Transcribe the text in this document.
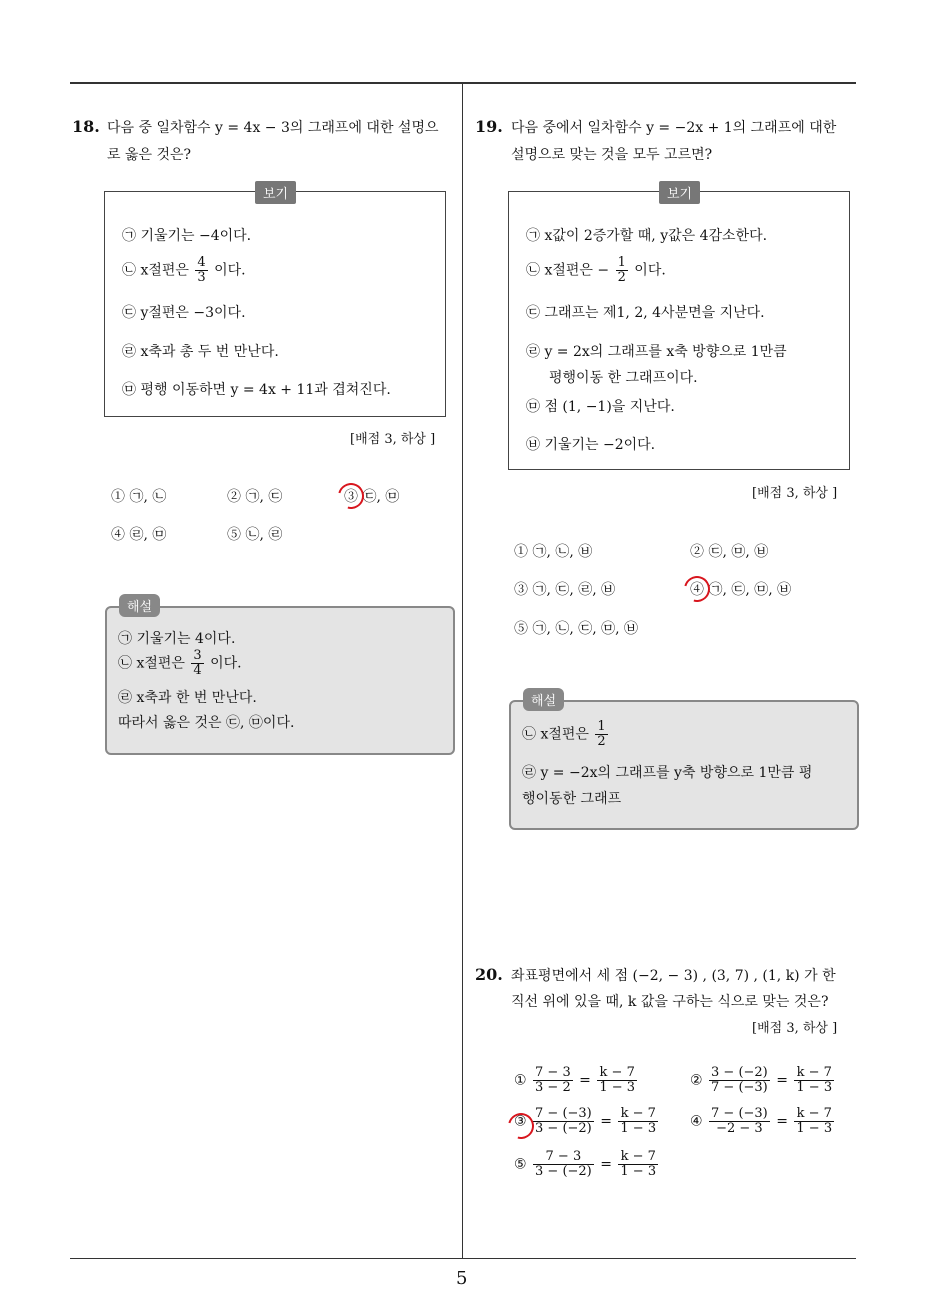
5
18. 다음 중 일차함수 y = 4x − 3의 그래프에 대한 설명으
로 옳은 것은?
보기
㉠ 기울기는 −4이다.
㉡ x절편은 $\frac{4}{3}$ 이다.
㉢ y절편은 −3이다.
㉣ x축과 총 두 번 만난다.
㉤ 평행 이동하면 y = 4x + 11과 겹쳐진다.
[배점 3, 하상 ]
① ㉠, ㉡	② ㉠, ㉢	③ ㉢, ㉤
④ ㉣, ㉤	⑤ ㉡, ㉣
해설
㉠ 기울기는 4이다.
㉡ x절편은 $\frac{3}{4}$ 이다.
㉣ x축과 한 번 만난다.
따라서 옳은 것은 ㉢, ㉤이다.
19. 다음 중에서 일차함수 y = −2x + 1의 그래프에 대한
설명으로 맞는 것을 모두 고르면?
보기
㉠ x값이 2증가할 때, y값은 4감소한다.
㉡ x절편은 − $\frac{1}{2}$ 이다.
㉢ 그래프는 제1, 2, 4사분면을 지난다.
㉣ y = 2x의 그래프를 x축 방향으로 1만큼
평행이동 한 그래프이다.
㉤ 점 (1, −1)을 지난다.
㉥ 기울기는 −2이다.
[배점 3, 하상 ]
① ㉠, ㉡, ㉥	② ㉢, ㉤, ㉥
③ ㉠, ㉢, ㉣, ㉥	④ ㉠, ㉢, ㉤, ㉥
⑤ ㉠, ㉡, ㉢, ㉤, ㉥
해설
㉡ x절편은 $\frac{1}{2}$
㉣ y = −2x의 그래프를 y축 방향으로 1만큼 평
행이동한 그래프
20. 좌표평면에서 세 점 (−2, − 3) , (3, 7) , (1, k) 가 한
직선 위에 있을 때, k 값을 구하는 식으로 맞는 것은?
[배점 3, 하상 ]
① $\frac{7 - 3}{3 - 2} = \frac{k - 7}{1 - 3}$	② $\frac{3 - (-2)}{7 - (-3)} = \frac{k - 7}{1 - 3}$
③ $\frac{7 - (-3)}{3 - (-2)} = \frac{k - 7}{1 - 3}$ ④ $\frac{7 - (-3)}{-2 - 3} = \frac{k - 7}{1 - 3}$
⑤ $\frac{7 - 3}{3 - (-2)} = \frac{k - 7}{1 - 3}$
